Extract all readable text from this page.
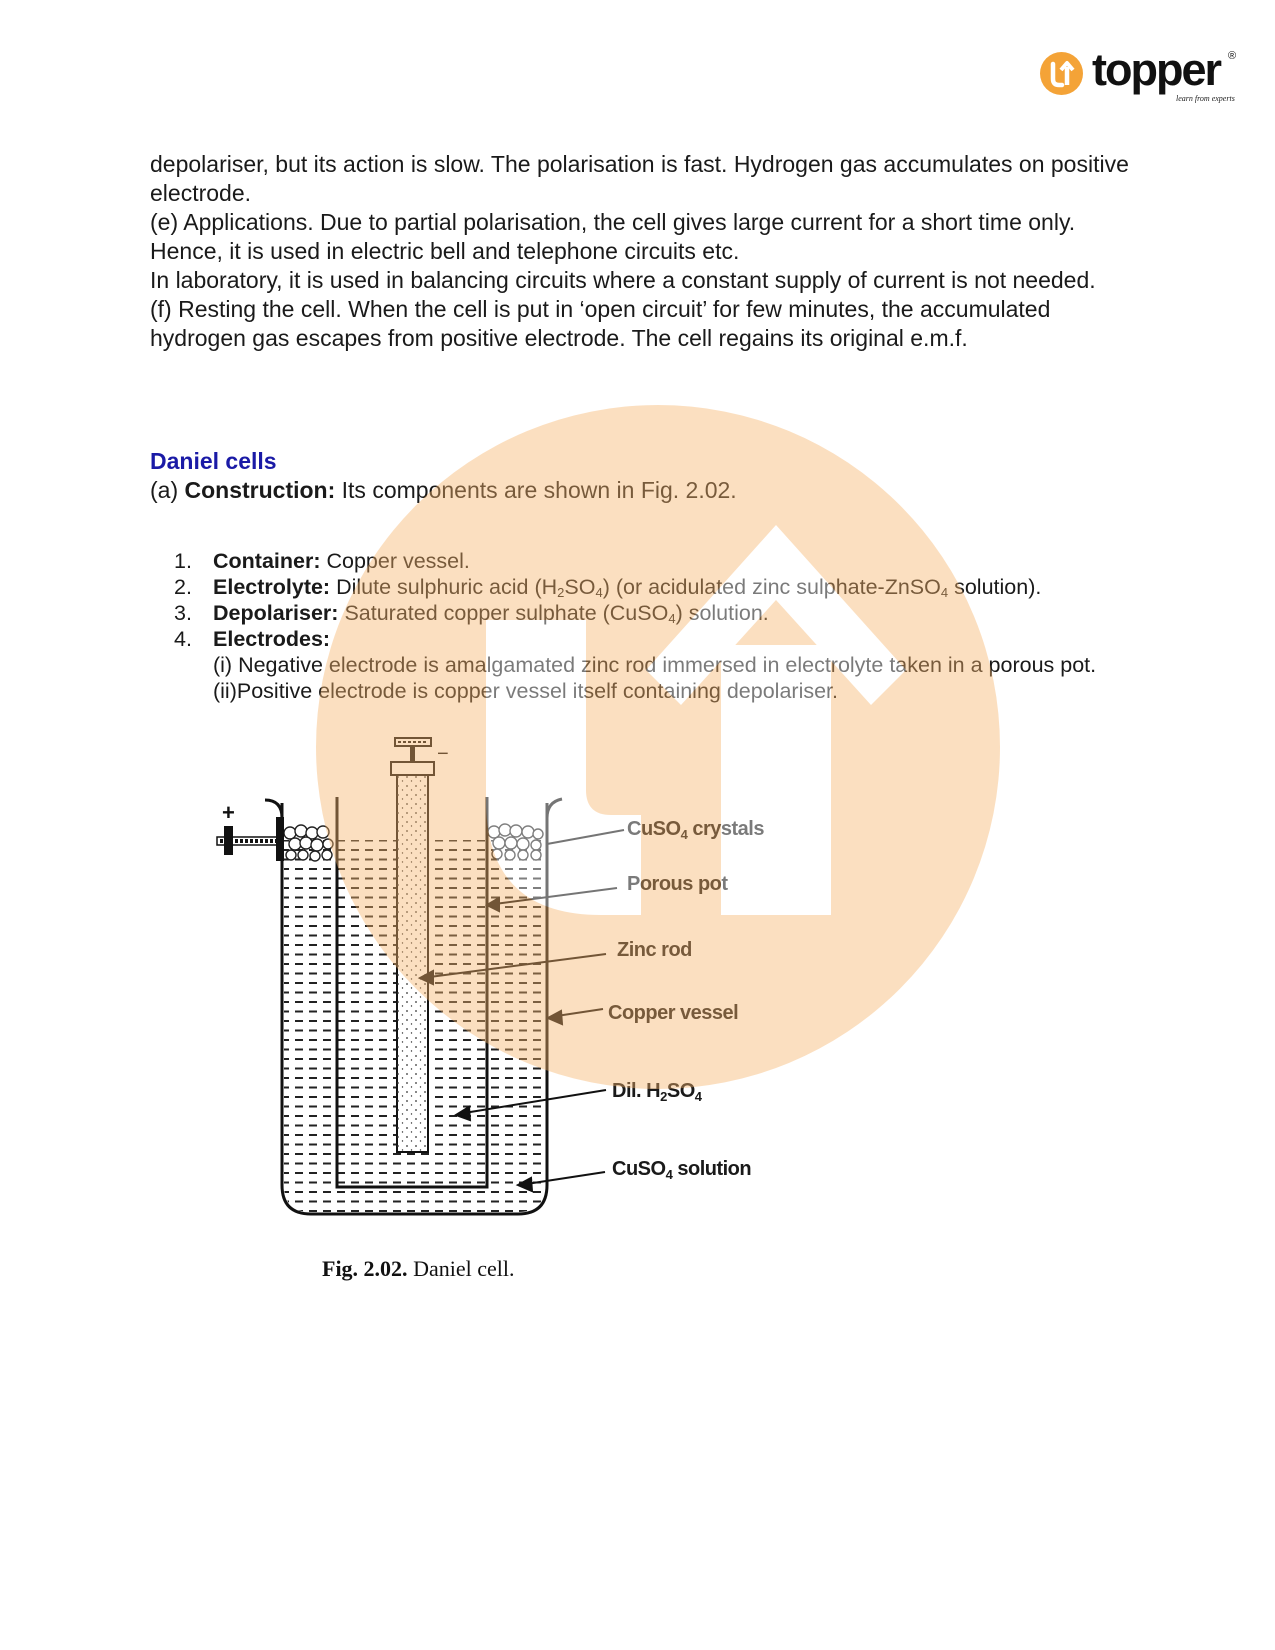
topper ®
learn from experts

depolariser, but its action is slow. The polarisation is fast. Hydrogen gas accumulates on positive electrode.

(e) Applications. Due to partial polarisation, the cell gives large current for a short time only. Hence, it is used in electric bell and telephone circuits etc.

In laboratory, it is used in balancing circuits where a constant supply of current is not needed.

(f) Resting the cell. When the cell is put in ‘open circuit’ for few minutes, the accumulated hydrogen gas escapes from positive electrode. The cell regains its original e.m.f.

Daniel cells
(a) Construction: Its components are shown in Fig. 2.02.
1. Container: Copper vessel.
2. Electrolyte: Dilute sulphuric acid $(H_2SO_4)$ (or acidulated zinc sulphate-ZnSO$_4$ solution).
3. Depolariser: Saturated copper sulphate (CuSO$_4$) solution.
4. Electrodes:
(i) Negative electrode is amalgamated zinc rod immersed in electrolyte taken in a porous pot.
(ii)Positive electrode is copper vessel itself containing depolariser.
−
+
CuSO$_4$ crystals
Porous pot
Zinc rod
Copper vessel
Dil. $H_2SO_4$
CuSO$_4$ solution
Fig. 2.02. Daniel cell.
